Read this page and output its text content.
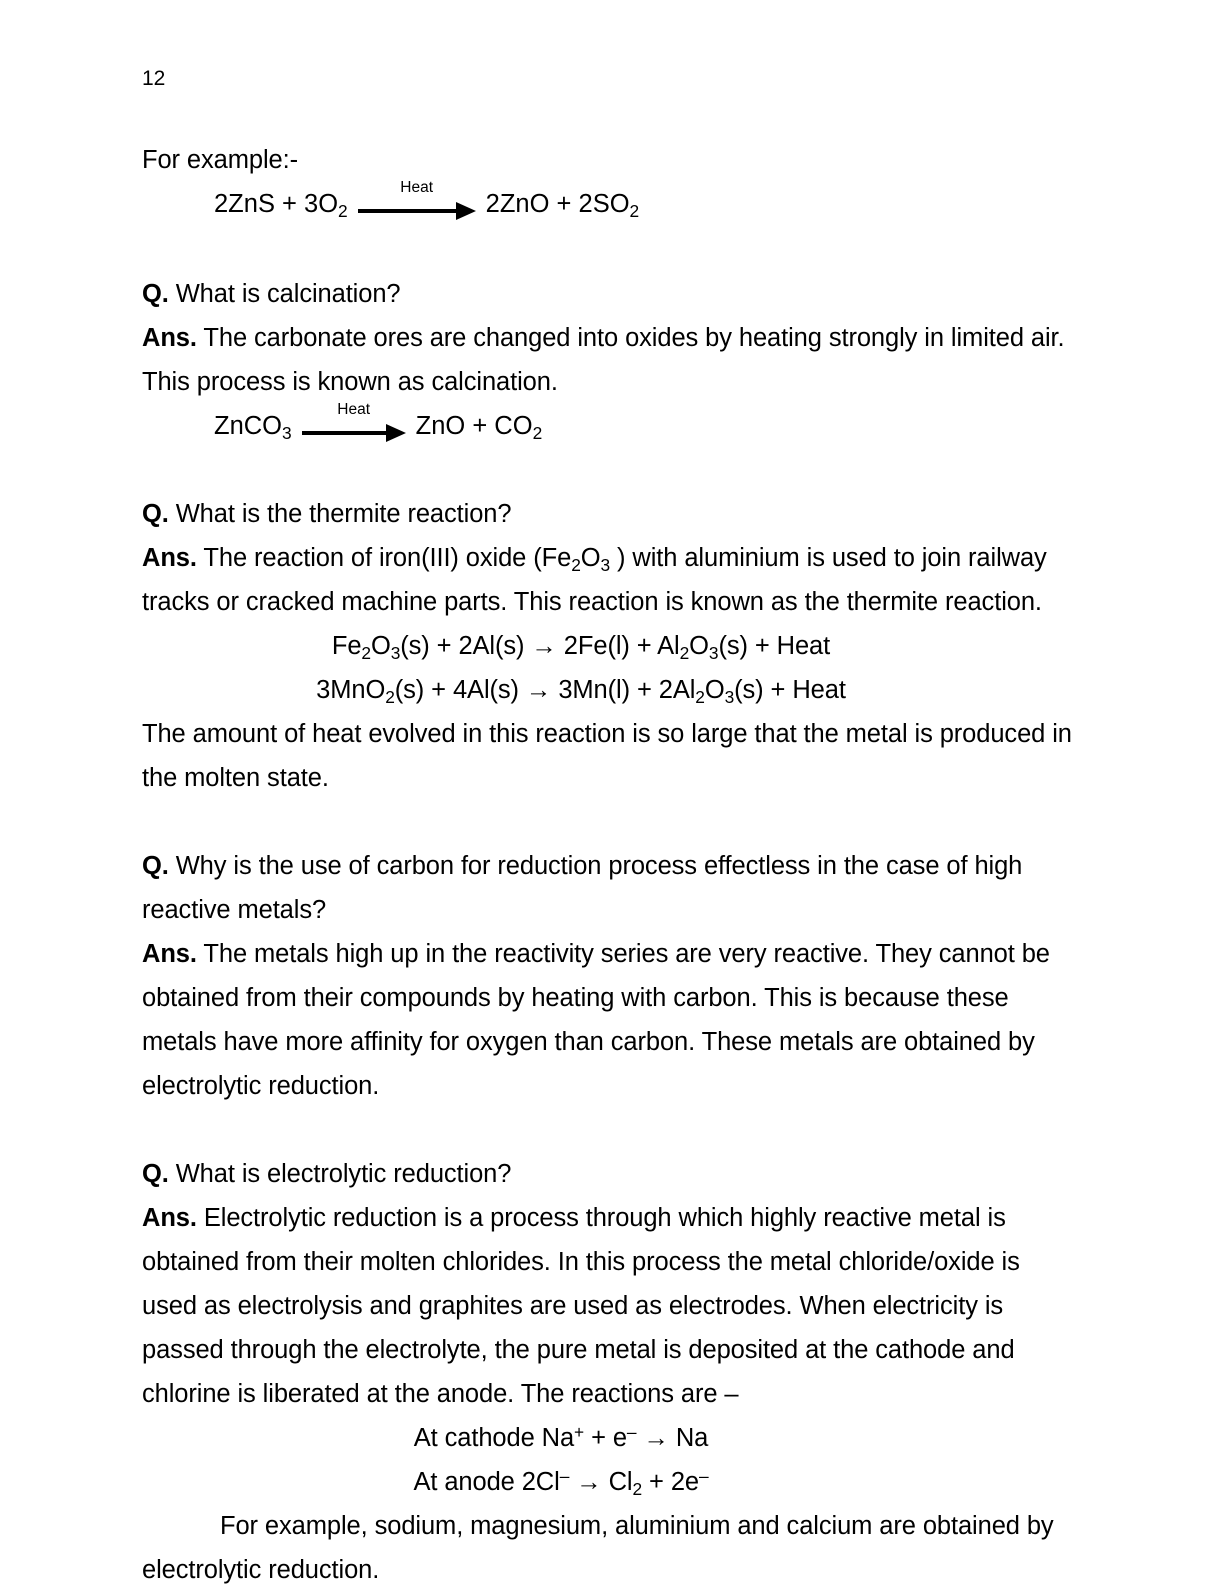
12

For example:-

$2ZnS + 3O_2$
Heat
$2ZnO + 2SO_2$

Q. What is calcination?

Ans. The carbonate ores are changed into oxides by heating strongly in limited air. This process is known as calcination.

ZnCO$_3$
Heat
ZnO + $CO_2$

Q. What is the thermite reaction?

Ans. The reaction of iron(III) oxide ($Fe_2O_3$ ) with aluminium is used to join railway tracks or cracked machine parts. This reaction is known as the thermite reaction.

$Fe_2O_3(s) + 2Al(s) \to 2Fe(l) + Al_2O_3(s)$ + Heat

$3MnO_2(s) + 4Al(s) \to 3Mn(l) + 2Al_2O_3(s)$ + Heat

The amount of heat evolved in this reaction is so large that the metal is produced in the molten state.

Q. Why is the use of carbon for reduction process effectless in the case of high reactive metals?

Ans. The metals high up in the reactivity series are very reactive. They cannot be obtained from their compounds by heating with carbon. This is because these metals have more affinity for oxygen than carbon. These metals are obtained by electrolytic reduction.

Q. What is electrolytic reduction?

Ans. Electrolytic reduction is a process through which highly reactive metal is obtained from their molten chlorides. In this process the metal chloride/oxide is used as electrolysis and graphites are used as electrodes. When electricity is passed through the electrolyte, the pure metal is deposited at the cathode and chlorine is liberated at the anode. The reactions are –

At cathode Na+ + e– → Na

At anode $2Cl^- \to Cl_2 + 2e^-$

For example, sodium, magnesium, aluminium and calcium are obtained by electrolytic reduction.
